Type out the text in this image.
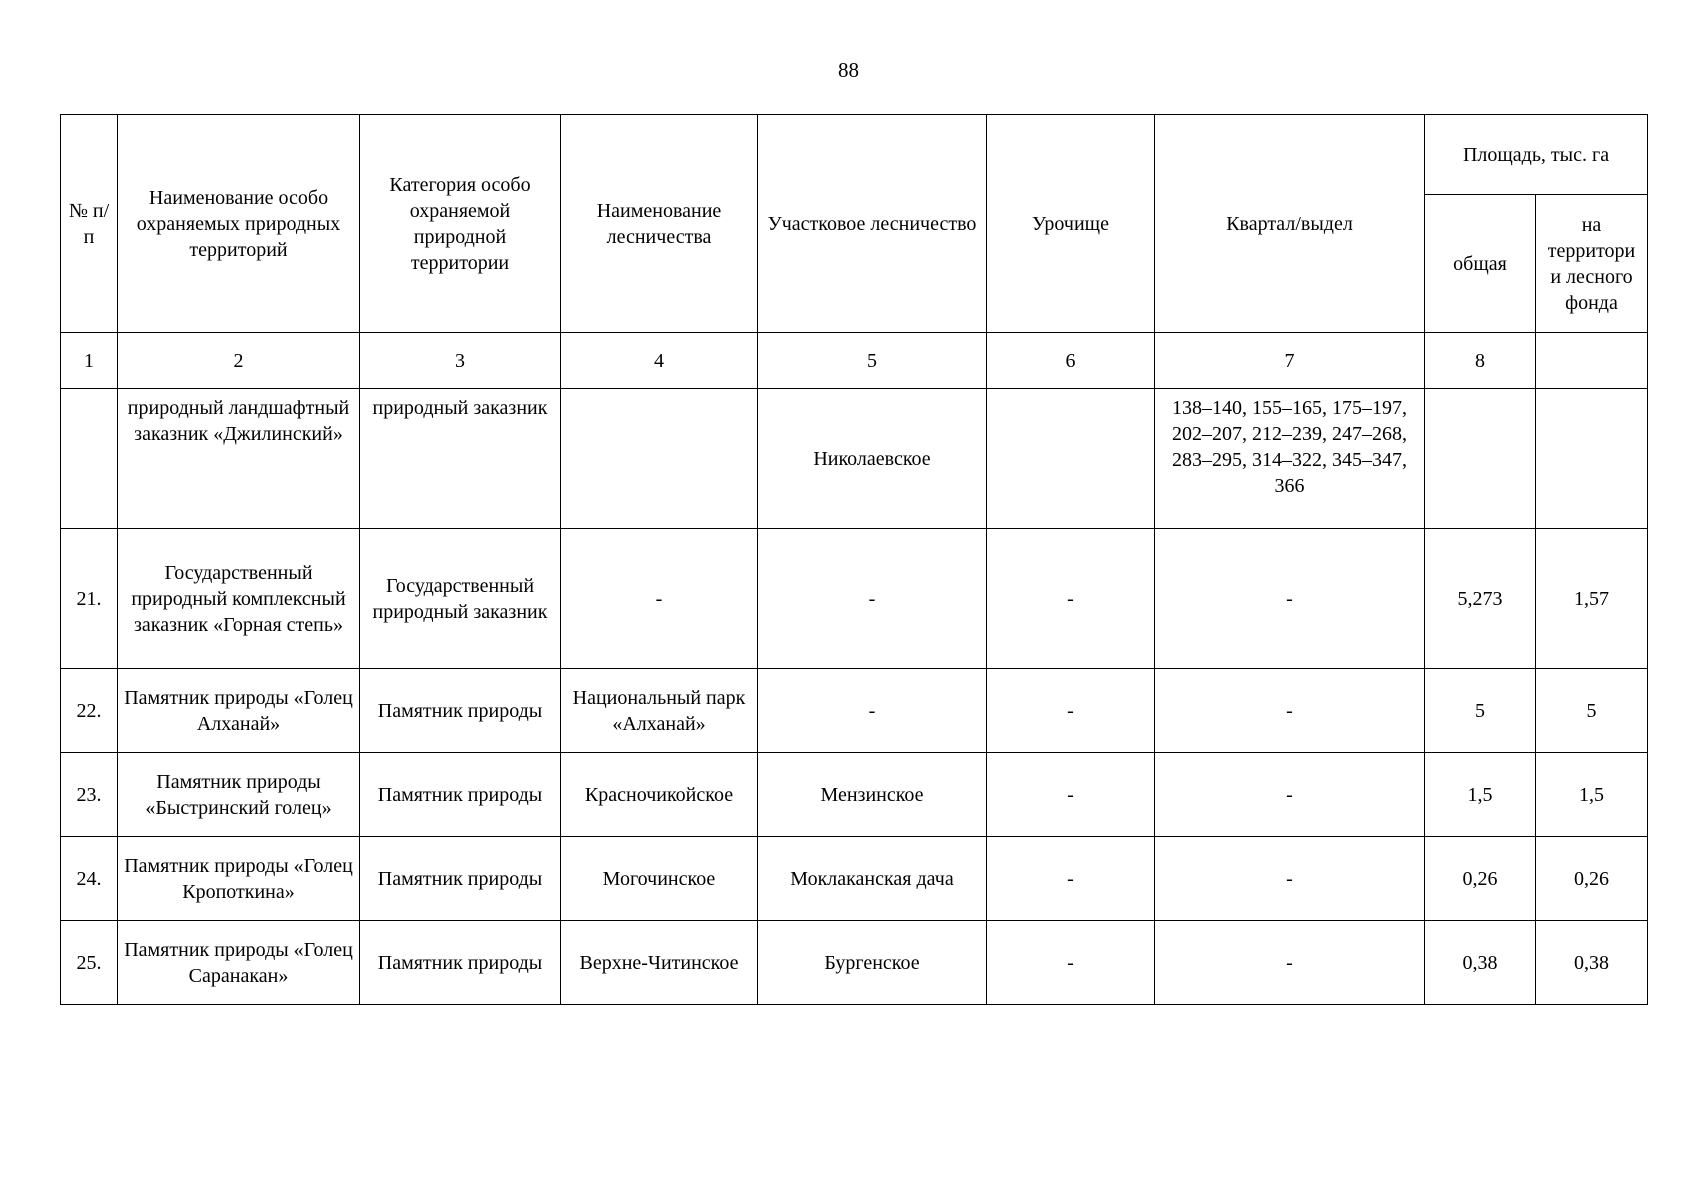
88
№ п/п	Наименование особо охраняемых природных территорий	Категория особо охраняемой природной территории	Наименование лесничества	Участковое лесничество	Урочище	Квартал/выдел	Площадь, тыс. га	
							общая	на территори и лесного фонда
1	2	3	4	5	6	7	8	
	природный ландшафтный заказник «Джилинский»	природный заказник		Николаевское		138–140, 155–165, 175–197, 202–207, 212–239, 247–268, 283–295, 314–322, 345–347, 366		
21.	Государственный природный комплексный заказник «Горная степь»	Государственный природный заказник	-	-	-	-	5,273	1,57
22.	Памятник природы «Голец Алханай»	Памятник природы	Национальный парк «Алханай»	-	-	-	5	5
23.	Памятник природы «Быстринский голец»	Памятник природы	Красночикойское	Мензинское	-	-	1,5	1,5
24.	Памятник природы «Голец Кропоткина»	Памятник природы	Могочинское	Моклаканская дача	-	-	0,26	0,26
25.	Памятник природы «Голец Саранакан»	Памятник природы	Верхне-Читинское	Бургенское	-	-	0,38	0,38
